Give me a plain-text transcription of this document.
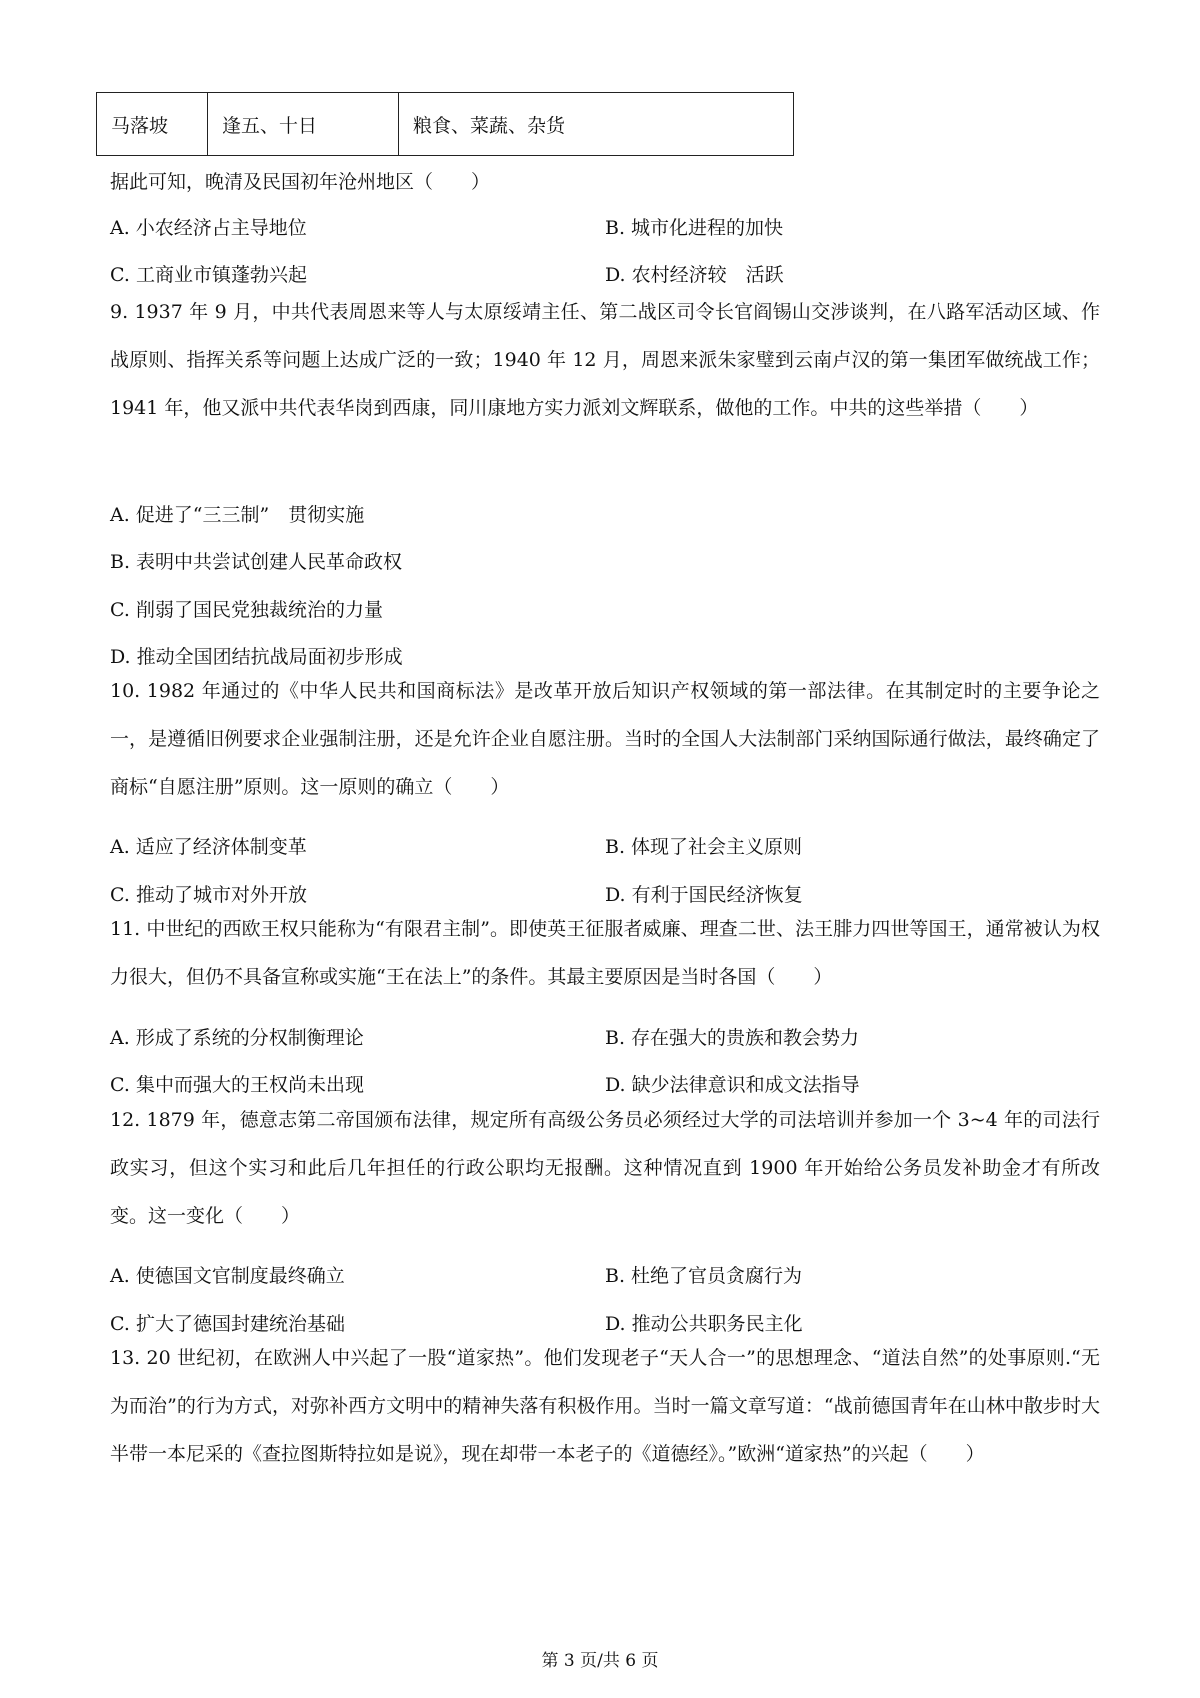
马落坡	逢五、十日	粮食、菜蔬、杂货
据此可知，晚清及民国初年沧州地区（　　）
A. 小农经济占主导地位	B. 城市化进程的加快
C. 工商业市镇蓬勃兴起	D. 农村经济较　活跃
9. 1937 年 9 月，中共代表周恩来等人与太原绥靖主任、第二战区司令长官阎锡山交涉谈判，在八路军活动区域、作战原则、指挥关系等问题上达成广泛的一致；1940 年 12 月，周恩来派朱家璧到云南卢汉的第一集团军做统战工作；1941 年，他又派中共代表华岗到西康，同川康地方实力派刘文辉联系，做他的工作。中共的这些举措（　　）
A. 促进了“三三制”　贯彻实施
B. 表明中共尝试创建人民革命政权
C. 削弱了国民党独裁统治的力量
D. 推动全国团结抗战局面初步形成
10. 1982 年通过的《中华人民共和国商标法》是改革开放后知识产权领域的第一部法律。在其制定时的主要争论之一，是遵循旧例要求企业强制注册，还是允许企业自愿注册。当时的全国人大法制部门采纳国际通行做法，最终确定了商标“自愿注册”原则。这一原则的确立（　　）
A. 适应了经济体制变革	B. 体现了社会主义原则
C. 推动了城市对外开放	D. 有利于国民经济恢复
11. 中世纪的西欧王权只能称为“有限君主制”。即使英王征服者威廉、理查二世、法王腓力四世等国王，通常被认为权力很大，但仍不具备宣称或实施“王在法上”的条件。其最主要原因是当时各国（　　）
A. 形成了系统的分权制衡理论	B. 存在强大的贵族和教会势力
C. 集中而强大的王权尚未出现	D. 缺少法律意识和成文法指导
12. 1879 年，德意志第二帝国颁布法律，规定所有高级公务员必须经过大学的司法培训并参加一个 3~4 年的司法行政实习，但这个实习和此后几年担任的行政公职均无报酬。这种情况直到 1900 年开始给公务员发补助金才有所改变。这一变化（　　）
A. 使德国文官制度最终确立	B. 杜绝了官员贪腐行为
C. 扩大了德国封建统治基础	D. 推动公共职务民主化
13. 20 世纪初，在欧洲人中兴起了一股“道家热”。他们发现老子“天人合一”的思想理念、“道法自然”的处事原则.“无为而治”的行为方式，对弥补西方文明中的精神失落有积极作用。当时一篇文章写道：“战前德国青年在山林中散步时大半带一本尼采的《查拉图斯特拉如是说》，现在却带一本老子的《道德经》。”欧洲“道家热”的兴起（　　）
第 3 页/共 6 页
